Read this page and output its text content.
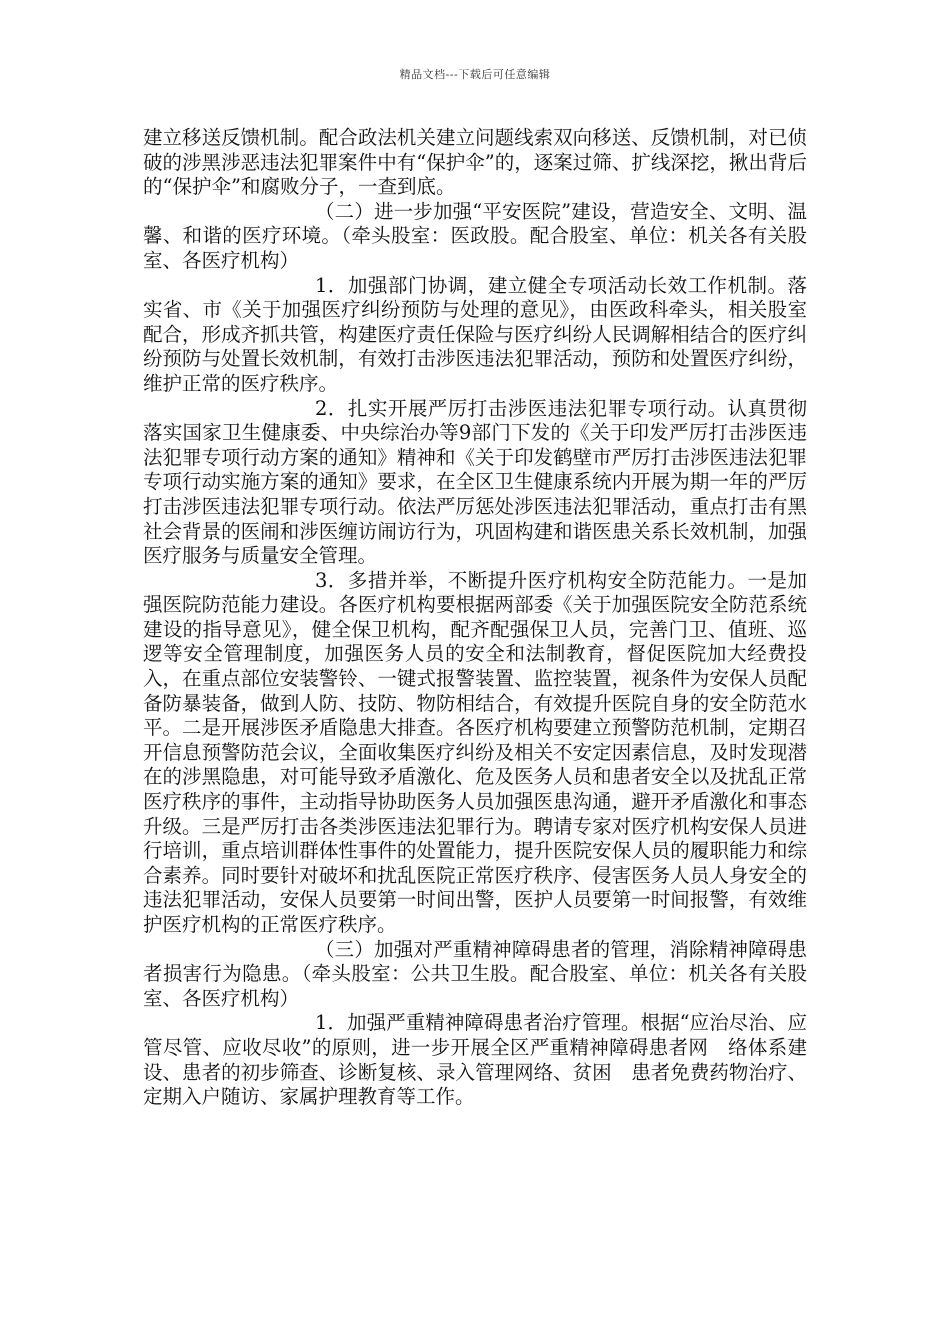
精品文档---下载后可任意编辑

建立移送反馈机制。配合政法机关建立问题线索双向移送、反馈机制，对已侦破的涉黑涉恶违法犯罪案件中有“保护伞”的，逐案过筛、扩线深挖，揪出背后的“保护伞”和腐败分子，一查到底。

（二）进一步加强“平安医院”建设，营造安全、文明、温馨、和谐的医疗环境。（牵头股室：医政股。配合股室、单位：机关各有关股室、各医疗机构）

1．加强部门协调，建立健全专项活动长效工作机制。落实省、市《关于加强医疗纠纷预防与处理的意见》，由医政科牵头，相关股室配合，形成齐抓共管，构建医疗责任保险与医疗纠纷人民调解相结合的医疗纠纷预防与处置长效机制，有效打击涉医违法犯罪活动，预防和处置医疗纠纷，维护正常的医疗秩序。

2．扎实开展严厉打击涉医违法犯罪专项行动。认真贯彻落实国家卫生健康委、中央综治办等9部门下发的《关于印发严厉打击涉医违法犯罪专项行动方案的通知》精神和《关于印发鹤壁市严厉打击涉医违法犯罪专项行动实施方案的通知》要求，在全区卫生健康系统内开展为期一年的严厉打击涉医违法犯罪专项行动。依法严厉惩处涉医违法犯罪活动，重点打击有黑社会背景的医闹和涉医缠访闹访行为，巩固构建和谐医患关系长效机制，加强医疗服务与质量安全管理。

3．多措并举，不断提升医疗机构安全防范能力。一是加强医院防范能力建设。各医疗机构要根据两部委《关于加强医院安全防范系统建设的指导意见》，健全保卫机构，配齐配强保卫人员，完善门卫、值班、巡逻等安全管理制度，加强医务人员的安全和法制教育，督促医院加大经费投入，在重点部位安装警铃、一键式报警装置、监控装置，视条件为安保人员配备防暴装备，做到人防、技防、物防相结合，有效提升医院自身的安全防范水平。二是开展涉医矛盾隐患大排查。各医疗机构要建立预警防范机制，定期召开信息预警防范会议，全面收集医疗纠纷及相关不安定因素信息，及时发现潜在的涉黑隐患，对可能导致矛盾激化、危及医务人员和患者安全以及扰乱正常医疗秩序的事件，主动指导协助医务人员加强医患沟通，避开矛盾激化和事态升级。三是严厉打击各类涉医违法犯罪行为。聘请专家对医疗机构安保人员进行培训，重点培训群体性事件的处置能力，提升医院安保人员的履职能力和综合素养。同时要针对破坏和扰乱医院正常医疗秩序、侵害医务人员人身安全的违法犯罪活动，安保人员要第一时间出警，医护人员要第一时间报警，有效维护医疗机构的正常医疗秩序。

（三）加强对严重精神障碍患者的管理，消除精神障碍患者损害行为隐患。（牵头股室：公共卫生股。配合股室、单位：机关各有关股室、各医疗机构）

1．加强严重精神障碍患者治疗管理。根据“应治尽治、应管尽管、应收尽收”的原则，进一步开展全区严重精神障碍患者网　络体系建设、患者的初步筛查、诊断复核、录入管理网络、贫困　患者免费药物治疗、定期入户随访、家属护理教育等工作。
